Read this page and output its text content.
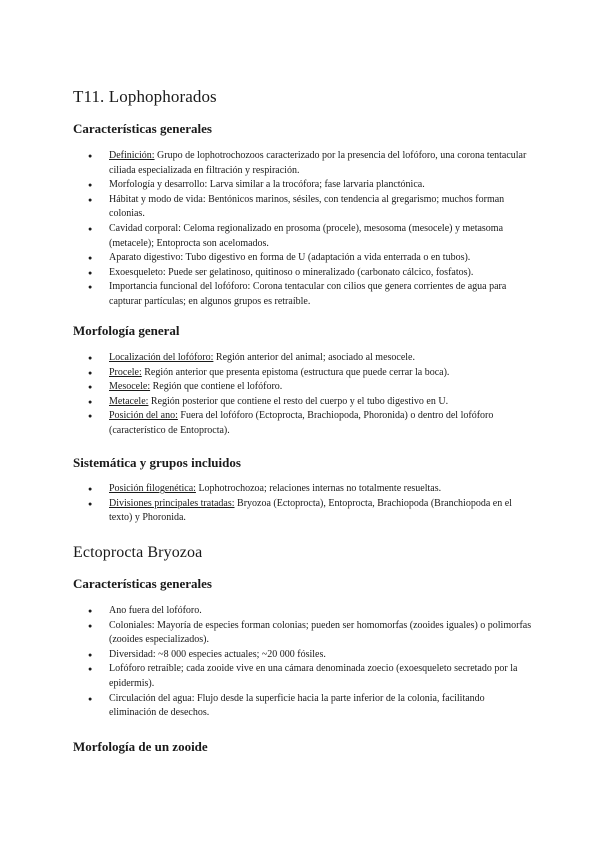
T11. Lophophorados
Características generales
● Definición: Grupo de lophotrochozoos caracterizado por la presencia del lofóforo, una corona tentacular ciliada especializada en filtración y respiración.
● Morfología y desarrollo: Larva similar a la trocófora; fase larvaria planctónica.
● Hábitat y modo de vida: Bentónicos marinos, sésiles, con tendencia al gregarismo; muchos forman colonias.
● Cavidad corporal: Celoma regionalizado en prosoma (procele), mesosoma (mesocele) y metasoma (metacele); Entoprocta son acelomados.
● Aparato digestivo: Tubo digestivo en forma de U (adaptación a vida enterrada o en tubos).
● Exoesqueleto: Puede ser gelatinoso, quitinoso o mineralizado (carbonato cálcico, fosfatos).
● Importancia funcional del lofóforo: Corona tentacular con cilios que genera corrientes de agua para capturar partículas; en algunos grupos es retraíble.
Morfología general
● Localización del lofóforo: Región anterior del animal; asociado al mesocele.
● Procele: Región anterior que presenta epistoma (estructura que puede cerrar la boca).
● Mesocele: Región que contiene el lofóforo.
● Metacele: Región posterior que contiene el resto del cuerpo y el tubo digestivo en U.
● Posición del ano: Fuera del lofóforo (Ectoprocta, Brachiopoda, Phoronida) o dentro del lofóforo (característico de Entoprocta).
Sistemática y grupos incluidos
● Posición filogenética: Lophotrochozoa; relaciones internas no totalmente resueltas.
● Divisiones principales tratadas: Bryozoa (Ectoprocta), Entoprocta, Brachiopoda (Branchiopoda en el texto) y Phoronida.
Ectoprocta Bryozoa
Características generales
● Ano fuera del lofóforo.
● Coloniales: Mayoría de especies forman colonias; pueden ser homomorfas (zooides iguales) o polimorfas (zooides especializados).
● Diversidad: ~8 000 especies actuales; ~20 000 fósiles.
● Lofóforo retraíble; cada zooide vive en una cámara denominada zoecio (exoesqueleto secretado por la epidermis).
● Circulación del agua: Flujo desde la superficie hacia la parte inferior de la colonia, facilitando eliminación de desechos.
Morfología de un zooide
